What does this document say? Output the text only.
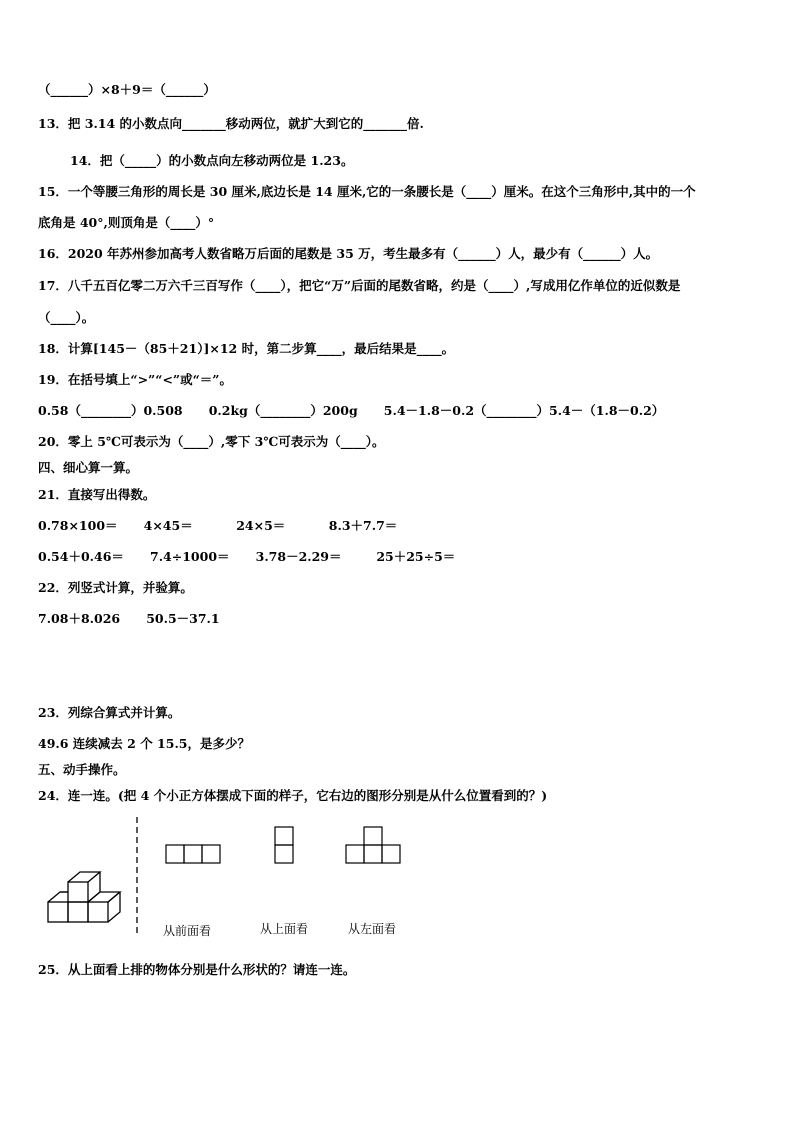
（______）×8＋9＝（______）
13．把 3.14 的小数点向_______移动两位，就扩大到它的_______倍.
14．把（_____）的小数点向左移动两位是 1.23。
15．一个等腰三角形的周长是 30 厘米,底边长是 14 厘米,它的一条腰长是（____）厘米。在这个三角形中,其中的一个
底角是 40°,则顶角是（____）°
16．2020 年苏州参加高考人数省略万后面的尾数是 35 万，考生最多有（______）人，最少有（______）人。
17．八千五百亿零二万六千三百写作（____），把它“万”后面的尾数省略，约是（____）,写成用亿作单位的近似数是
（____）。
18．计算[145－（85＋21）]×12 时，第二步算____，最后结果是____。
19．在括号填上“>”“<”或“＝”。
0.58（________）0.508      0.2kg（________）200g      5.4－1.8－0.2（________）5.4－（1.8－0.2）
20．零上 5℃可表示为（____）,零下 3℃可表示为（____）。
四、细心算一算。
21．直接写出得数。
0.78×100＝      4×45＝          24×5＝          8.3＋7.7＝
0.54＋0.46＝      7.4÷1000＝      3.78－2.29＝        25＋25÷5＝
22．列竖式计算，并验算。
7.08＋8.026      50.5－37.1
23．列综合算式并计算。
49.6 连续减去 2 个 15.5，是多少？
五、动手操作。
24．连一连。(把 4 个小正方体摆成下面的样子，它右边的图形分别是从什么位置看到的？)
从前面看	从上面看	从左面看
25．从上面看上排的物体分别是什么形状的？请连一连。
